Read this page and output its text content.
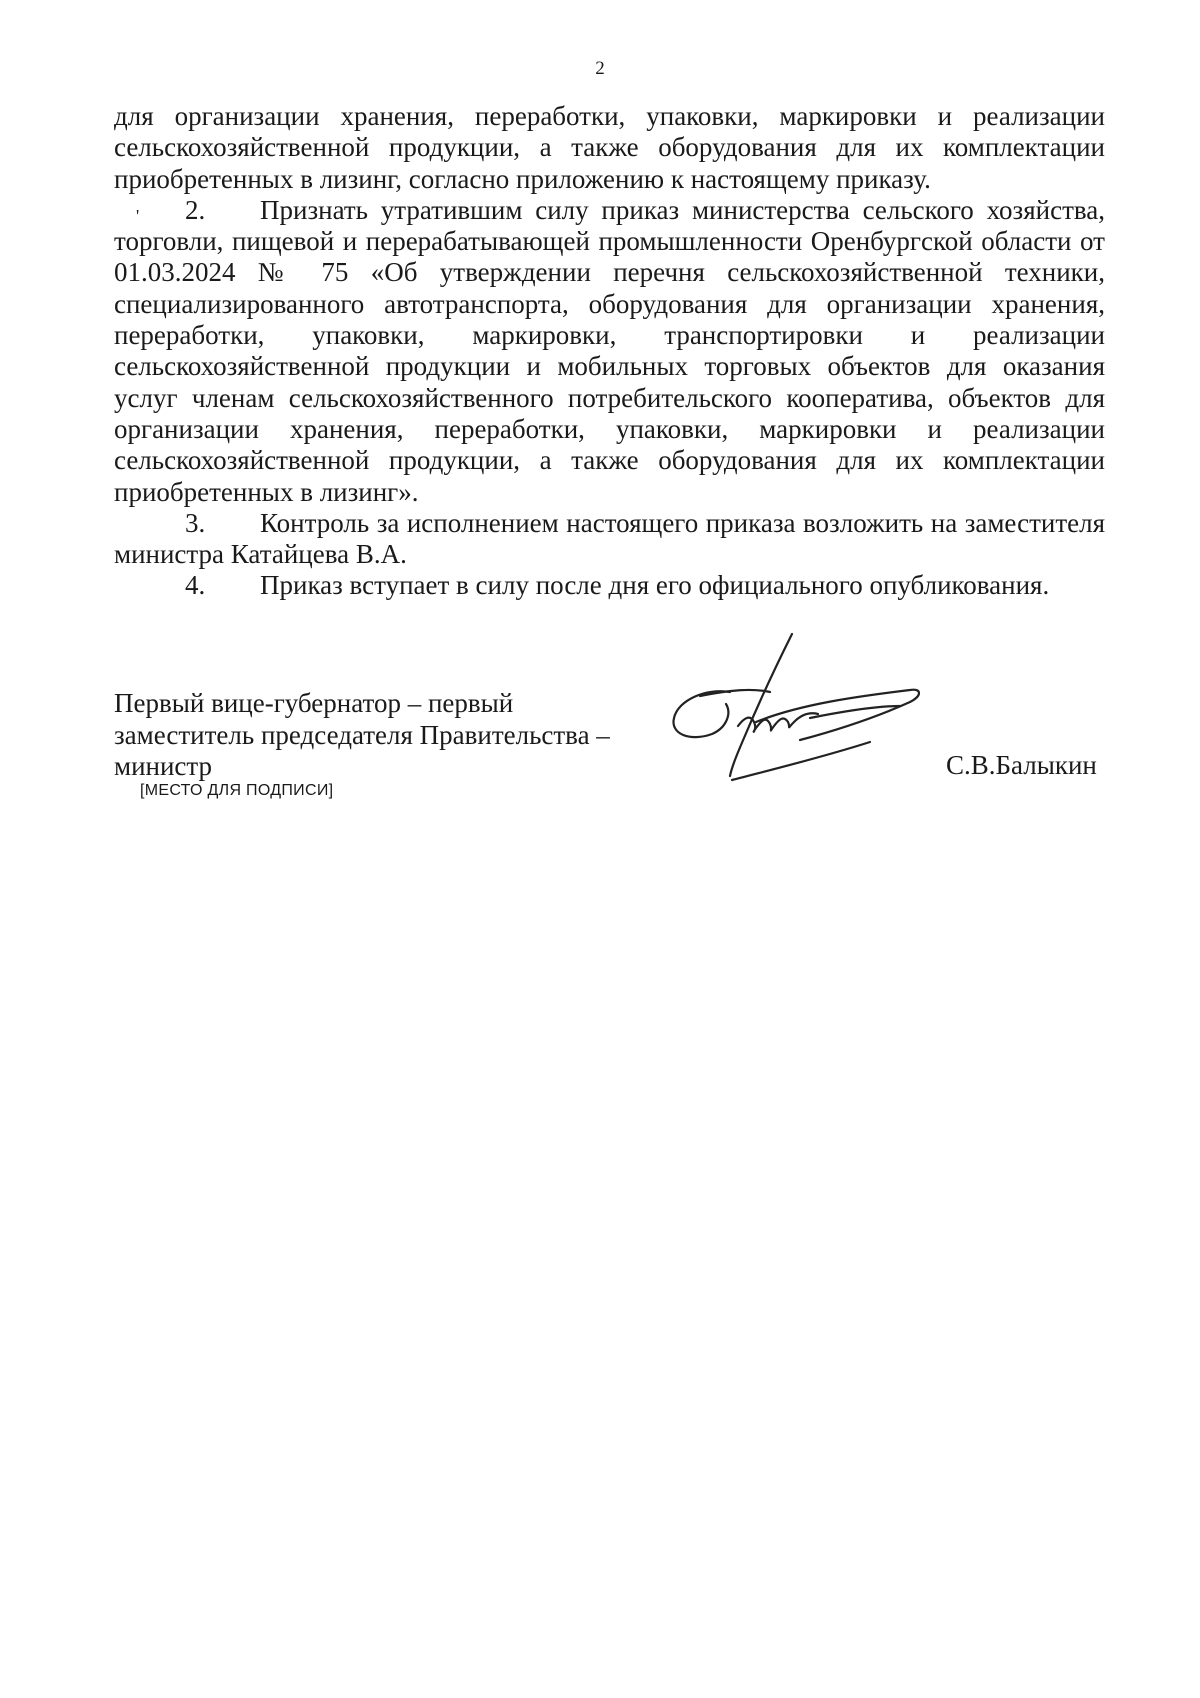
2
'

для организации хранения, переработки, упаковки, маркировки и реализации сельскохозяйственной продукции, а также оборудования для их комплектации приобретенных в лизинг, согласно приложению к настоящему приказу.

2. Признать утратившим силу приказ министерства сельского хозяйства, торговли, пищевой и перерабатывающей промышленности Оренбургской области от 01.03.2024 № 75 «Об утверждении перечня сельскохозяйственной техники, специализированного автотранспорта, оборудования для организации хранения, переработки, упаковки, маркировки, транспортировки и реализации сельскохозяйственной продукции и мобильных торговых объектов для оказания услуг членам сельскохозяйственного потребительского кооператива, объектов для организации хранения, переработки, упаковки, маркировки и реализации сельскохозяйственной продукции, а также оборудования для их комплектации приобретенных в лизинг».

3. Контроль за исполнением настоящего приказа возложить на заместителя министра Катайцева В.А.

4. Приказ вступает в силу после дня его официального опубликования.

Первый вице-губернатор – первый
заместитель председателя Правительства –
министр
[МЕСТО ДЛЯ ПОДПИСИ]
С.В.Балыкин
